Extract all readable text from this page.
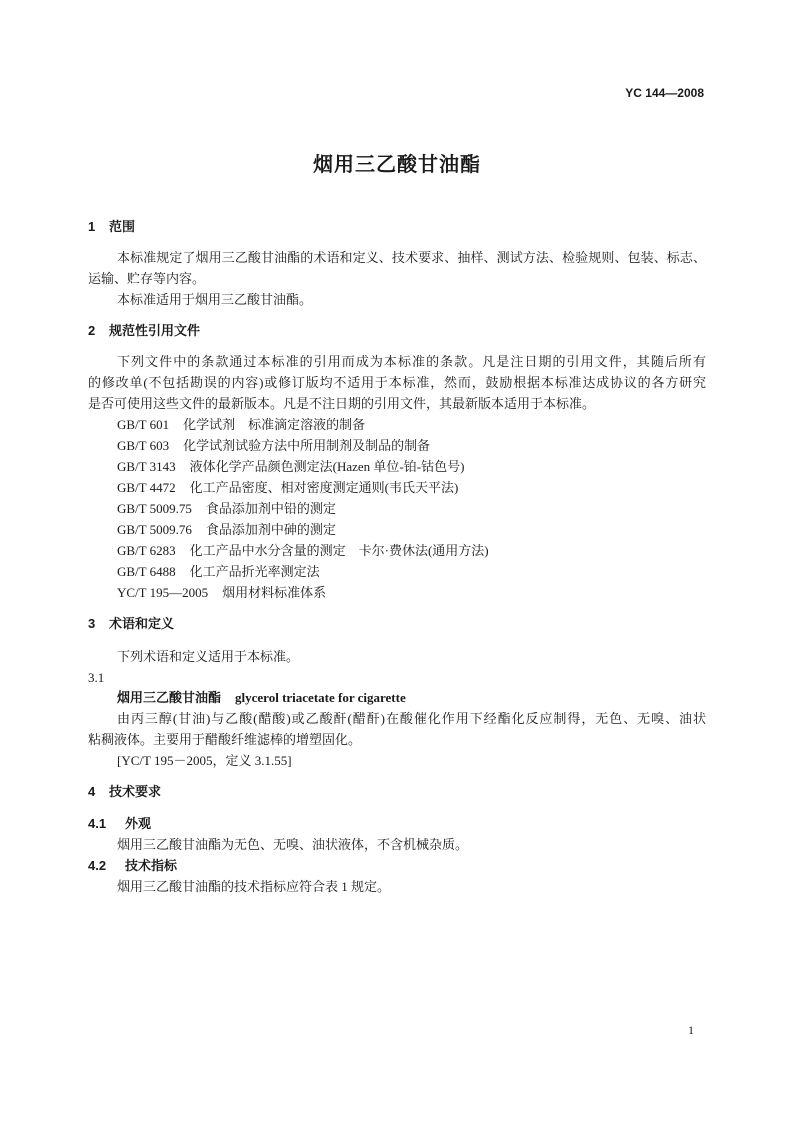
YC 144—2008
烟用三乙酸甘油酯
1 范围
本标准规定了烟用三乙酸甘油酯的术语和定义、技术要求、抽样、测试方法、检验规则、包装、标志、
运输、贮存等内容。
本标准适用于烟用三乙酸甘油酯。
2 规范性引用文件
下列文件中的条款通过本标准的引用而成为本标准的条款。凡是注日期的引用文件，其随后所有
的修改单(不包括勘误的内容)或修订版均不适用于本标准，然而，鼓励根据本标准达成协议的各方研究
是否可使用这些文件的最新版本。凡是不注日期的引用文件，其最新版本适用于本标准。
GB/T 601 化学试剂　标准滴定溶液的制备
GB/T 603 化学试剂试验方法中所用制剂及制品的制备
GB/T 3143 液体化学产品颜色测定法(Hazen 单位-铂-钴色号)
GB/T 4472 化工产品密度、相对密度测定通则(韦氏天平法)
GB/T 5009.75 食品添加剂中铅的测定
GB/T 5009.76 食品添加剂中砷的测定
GB/T 6283 化工产品中水分含量的测定　卡尔·费休法(通用方法)
GB/T 6488 化工产品折光率测定法
YC/T 195—2005 烟用材料标准体系
3 术语和定义
下列术语和定义适用于本标准。
3.1
烟用三乙酸甘油酯 glycerol triacetate for cigarette
由丙三醇(甘油)与乙酸(醋酸)或乙酸酐(醋酐)在酸催化作用下经酯化反应制得，无色、无嗅、油状
粘稠液体。主要用于醋酸纤维滤棒的增塑固化。
[YC/T 195－2005，定义 3.1.55]
4 技术要求
4.1 外观
烟用三乙酸甘油酯为无色、无嗅、油状液体，不含机械杂质。
4.2 技术指标
烟用三乙酸甘油酯的技术指标应符合表 1 规定。
1
